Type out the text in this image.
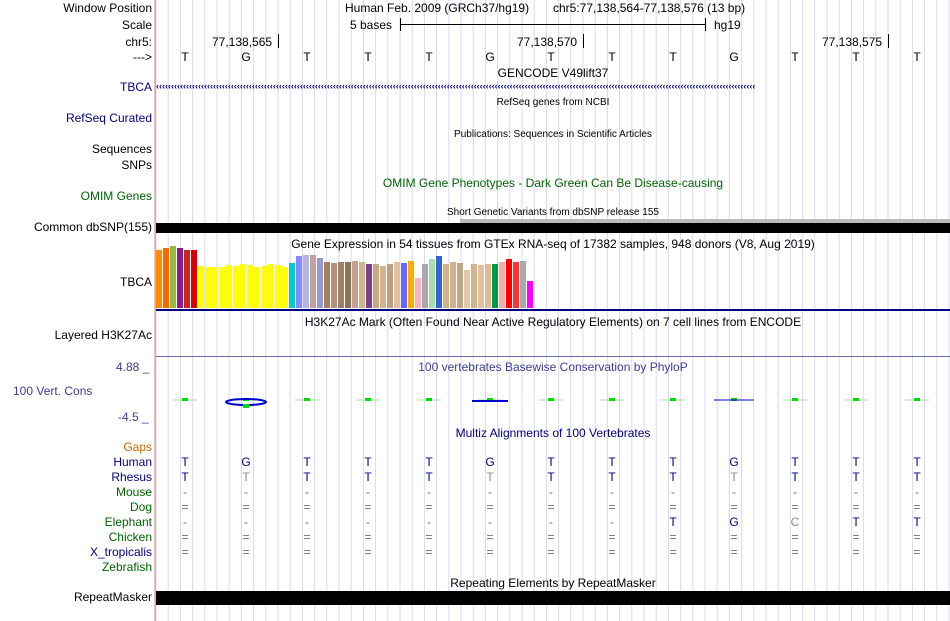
Window Position	Human Feb. 2009 (GRCh37/hg19) chr5:77,138,564-77,138,576 (13 bp)
Scale	5 bases	hg19
chr5:	77,138,565	77,138,570	77,138,575
--->	T	G	T	T	T	G	T	T	T	G	T	T	T
GENCODE V49lift37
TBCA ‹‹‹‹‹‹‹‹‹‹‹‹‹‹‹‹‹‹‹‹‹‹‹‹‹‹‹‹‹‹‹‹‹‹‹‹‹‹‹‹‹‹‹‹‹‹‹‹‹‹‹‹‹‹‹‹‹‹‹‹‹‹‹‹‹‹‹‹‹‹‹‹‹‹‹‹‹‹‹‹‹‹‹‹‹‹‹‹‹‹‹‹‹‹‹‹‹‹‹‹‹‹‹‹‹‹‹‹‹‹‹‹‹‹‹‹‹‹‹‹‹‹‹‹‹‹‹‹‹‹‹‹‹‹‹‹‹‹‹‹‹‹‹‹‹‹‹‹‹‹‹‹‹‹‹‹‹‹‹‹‹‹‹‹‹‹‹‹‹‹‹‹‹‹‹‹‹‹‹‹‹‹‹‹‹‹‹‹‹‹‹‹‹‹‹‹‹‹‹‹
RefSeq genes from NCBI
RefSeq Curated
Publications: Sequences in Scientific Articles
Sequences
SNPs
OMIM Gene Phenotypes - Dark Green Can Be Disease-causing
OMIM Genes
Short Genetic Variants from dbSNP release 155
Common dbSNP(155)
Gene Expression in 54 tissues from GTEx RNA-seq of 17382 samples, 948 donors (V8, Aug 2019)
TBCA
H3K27Ac Mark (Often Found Near Active Regulatory Elements) on 7 cell lines from ENCODE
Layered H3K27Ac
100 vertebrates Basewise Conservation by PhyloP
4.88 _
100 Vert. Cons
-4.5 _
Multiz Alignments of 100 Vertebrates
Gaps
Human	T	G	T	T	T	G	T	T	T	G	T	T	T
Rhesus	T	T	T	T	T	T	T	T	T	T	T	T	T
Mouse	-	-	-	-	-	-	-	-	-	-	-	-	-
Dog	=	=	=	=	=	=	=	=	=	=	=	=	=
Elephant	-	-	-	-	-	-	-	-	T	G	C	T	T
Chicken	=	=	=	=	=	=	=	=	=	=	=	=	=
X_tropicalis	=	=	=	=	=	=	=	=	=	=	=	=	=
Zebrafish
Repeating Elements by RepeatMasker
RepeatMasker
